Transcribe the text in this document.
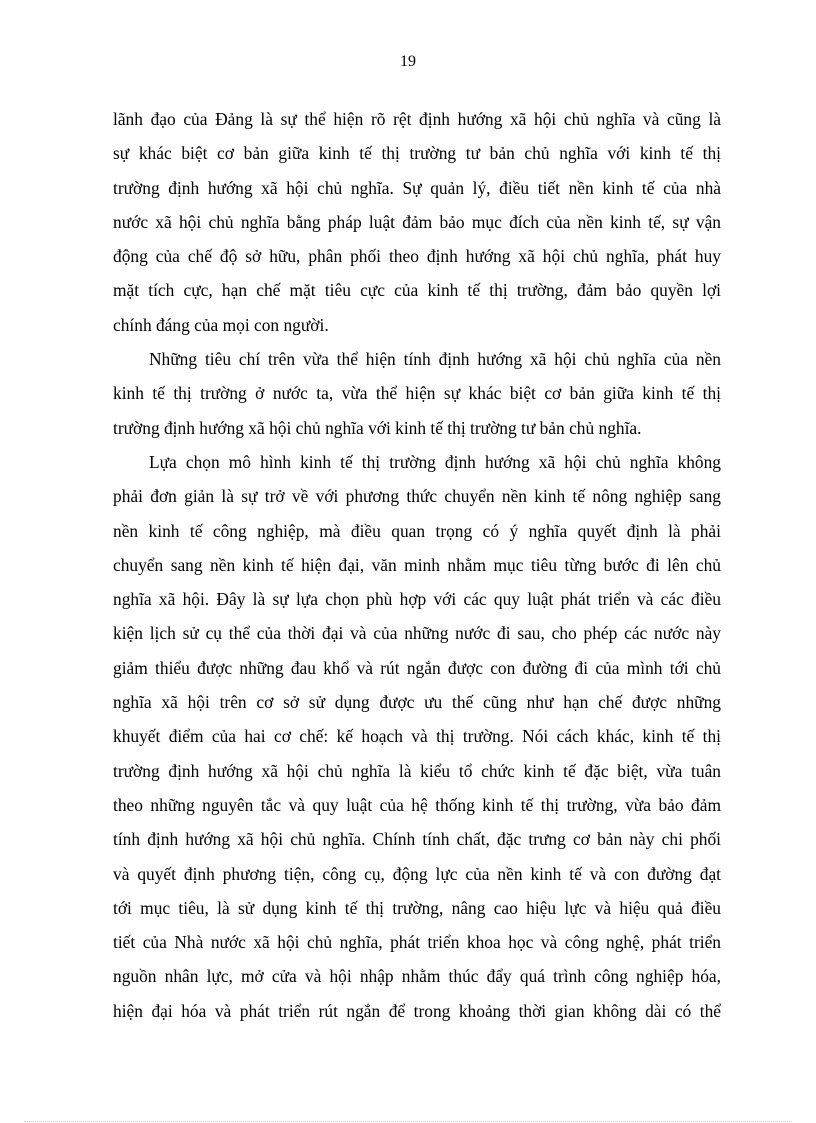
19

lãnh đạo của Đảng là sự thể hiện rõ rệt định hướng xã hội chủ nghĩa và cũng là

sự khác biệt cơ bản giữa kinh tế thị trường tư bản chủ nghĩa với kinh tế thị

trường định hướng xã hội chủ nghĩa. Sự quản lý, điều tiết nền kinh tế của nhà

nước xã hội chủ nghĩa bằng pháp luật đảm bảo mục đích của nền kinh tế, sự vận

động của chế độ sở hữu, phân phối theo định hướng xã hội chủ nghĩa, phát huy

mặt tích cực, hạn chế mặt tiêu cực của kinh tế thị trường, đảm bảo quyền lợi

chính đáng của mọi con người.

Những tiêu chí trên vừa thể hiện tính định hướng xã hội chủ nghĩa của nền

kinh tế thị trường ở nước ta, vừa thể hiện sự khác biệt cơ bản giữa kinh tế thị

trường định hướng xã hội chủ nghĩa với kinh tế thị trường tư bản chủ nghĩa.

Lựa chọn mô hình kinh tế thị trường định hướng xã hội chủ nghĩa không

phải đơn giản là sự trở về với phương thức chuyển nền kinh tế nông nghiệp sang

nền kinh tế công nghiệp, mà điều quan trọng có ý nghĩa quyết định là phải

chuyển sang nền kinh tế hiện đại, văn minh nhằm mục tiêu từng bước đi lên chủ

nghĩa xã hội. Đây là sự lựa chọn phù hợp với các quy luật phát triển và các điều

kiện lịch sử cụ thể của thời đại và của những nước đi sau, cho phép các nước này

giảm thiểu được những đau khổ và rút ngắn được con đường đi của mình tới chủ

nghĩa xã hội trên cơ sở sử dụng được ưu thế cũng như hạn chế được những

khuyết điểm của hai cơ chế: kế hoạch và thị trường. Nói cách khác, kinh tế thị

trường định hướng xã hội chủ nghĩa là kiểu tổ chức kinh tế đặc biệt, vừa tuân

theo những nguyên tắc và quy luật của hệ thống kinh tế thị trường, vừa bảo đảm

tính định hướng xã hội chủ nghĩa. Chính tính chất, đặc trưng cơ bản này chi phối

và quyết định phương tiện, công cụ, động lực của nền kinh tế và con đường đạt

tới mục tiêu, là sử dụng kinh tế thị trường, nâng cao hiệu lực và hiệu quả điều

tiết của Nhà nước xã hội chủ nghĩa, phát triển khoa học và công nghệ, phát triển

nguồn nhân lực, mở cửa và hội nhập nhằm thúc đẩy quá trình công nghiệp hóa,

hiện đại hóa và phát triển rút ngắn để trong khoảng thời gian không dài có thể
